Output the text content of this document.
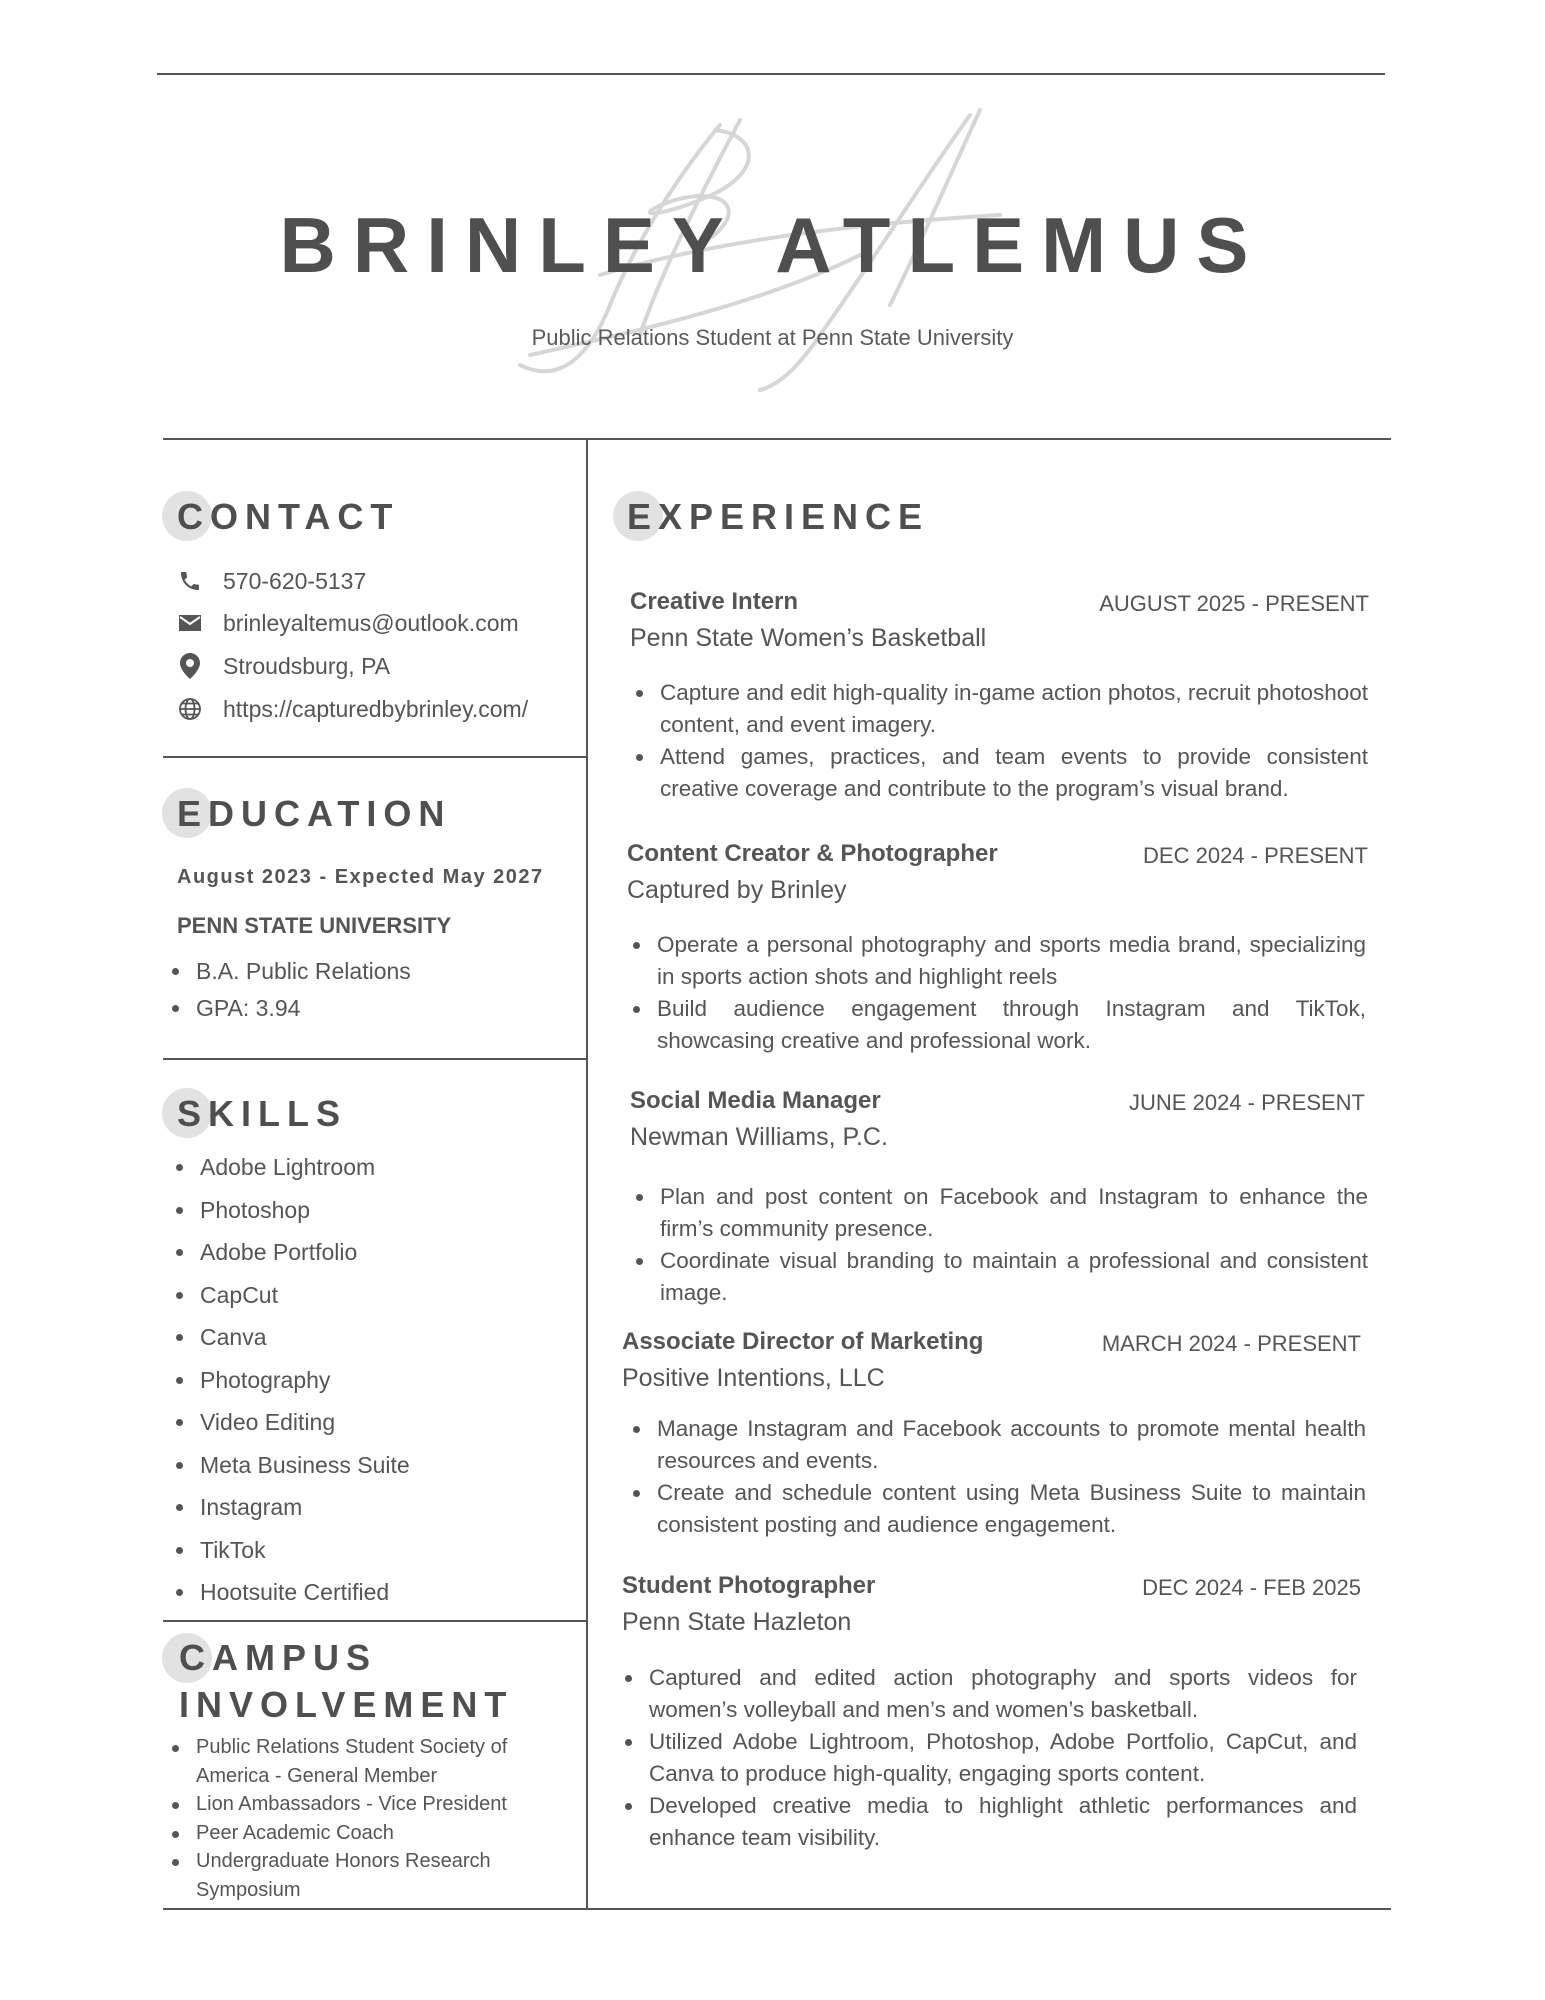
BRINLEY ATLEMUS
Public Relations Student at Penn State University
CONTACT
570-620-5137
brinleyaltemus@outlook.com
Stroudsburg, PA
https://capturedbybrinley.com/
EDUCATION
August 2023 - Expected May 2027
PENN STATE UNIVERSITY
B.A. Public Relations
GPA: 3.94
SKILLS
Adobe Lightroom
Photoshop
Adobe Portfolio
CapCut
Canva
Photography
Video Editing
Meta Business Suite
Instagram
TikTok
Hootsuite Certified
CAMPUS
INVOLVEMENT
Public Relations Student Society of America - General Member
Lion Ambassadors - Vice President
Peer Academic Coach
Undergraduate Honors Research Symposium
EXPERIENCE
Creative Intern	AUGUST 2025 - PRESENT
Penn State Women’s Basketball
Capture and edit high-quality in-game action photos, recruit photoshoot content, and event imagery.
Attend games, practices, and team events to provide consistent creative coverage and contribute to the program’s visual brand.
Content Creator & Photographer	DEC 2024 - PRESENT
Captured by Brinley
Operate a personal photography and sports media brand, specializing in sports action shots and highlight reels
Build audience engagement through Instagram and TikTok, showcasing creative and professional work.
Social Media Manager	JUNE 2024 - PRESENT
Newman Williams, P.C.
Plan and post content on Facebook and Instagram to enhance the firm’s community presence.
Coordinate visual branding to maintain a professional and consistent image.
Associate Director of Marketing	MARCH 2024 - PRESENT
Positive Intentions, LLC
Manage Instagram and Facebook accounts to promote mental health resources and events.
Create and schedule content using Meta Business Suite to maintain consistent posting and audience engagement.
Student Photographer	DEC 2024 - FEB 2025
Penn State Hazleton
Captured and edited action photography and sports videos for women’s volleyball and men’s and women’s basketball.
Utilized Adobe Lightroom, Photoshop, Adobe Portfolio, CapCut, and Canva to produce high-quality, engaging sports content.
Developed creative media to highlight athletic performances and enhance team visibility.
